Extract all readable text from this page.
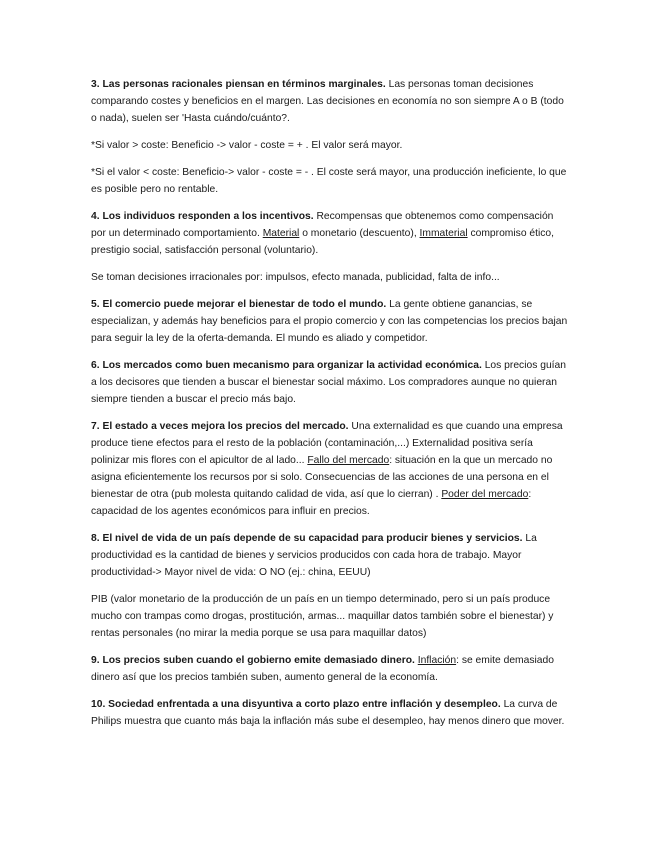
3. Las personas racionales piensan en términos marginales. Las personas toman decisiones comparando costes y beneficios en el margen. Las decisiones en economía no son siempre A o B (todo o nada), suelen ser 'Hasta cuándo/cuánto?.

*Si valor > coste: Beneficio -> valor - coste = + . El valor será mayor.

*Si el valor < coste: Beneficio-> valor - coste = - . El coste será mayor, una producción ineficiente, lo que es posible pero no rentable.

4. Los individuos responden a los incentivos. Recompensas que obtenemos como compensación por un determinado comportamiento. Material o monetario (descuento), Immaterial compromiso ético, prestigio social, satisfacción personal (voluntario).

Se toman decisiones irracionales por: impulsos, efecto manada, publicidad, falta de info...

5. El comercio puede mejorar el bienestar de todo el mundo. La gente obtiene ganancias, se especializan, y además hay beneficios para el propio comercio y con las competencias los precios bajan para seguir la ley de la oferta-demanda. El mundo es aliado y competidor.

6. Los mercados como buen mecanismo para organizar la actividad económica. Los precios guían a los decisores que tienden a buscar el bienestar social máximo. Los compradores aunque no quieran siempre tienden a buscar el precio más bajo.

7. El estado a veces mejora los precios del mercado. Una externalidad es que cuando una empresa produce tiene efectos para el resto de la población (contaminación,...) Externalidad positiva sería polinizar mis flores con el apicultor de al lado... Fallo del mercado: situación en la que un mercado no asigna eficientemente los recursos por si solo. Consecuencias de las acciones de una persona en el bienestar de otra (pub molesta quitando calidad de vida, así que lo cierran) . Poder del mercado: capacidad de los agentes económicos para influir en precios.

8. El nivel de vida de un país depende de su capacidad para producir bienes y servicios. La productividad es la cantidad de bienes y servicios producidos con cada hora de trabajo. Mayor productividad-> Mayor nivel de vida: O NO (ej.: china, EEUU)

PIB (valor monetario de la producción de un país en un tiempo determinado, pero si un país produce mucho con trampas como drogas, prostitución, armas... maquillar datos también sobre el bienestar) y rentas personales (no mirar la media porque se usa para maquillar datos)

9. Los precios suben cuando el gobierno emite demasiado dinero. Inflación: se emite demasiado dinero así que los precios también suben, aumento general de la economía.

10. Sociedad enfrentada a una disyuntiva a corto plazo entre inflación y desempleo. La curva de Philips muestra que cuanto más baja la inflación más sube el desempleo, hay menos dinero que mover.
